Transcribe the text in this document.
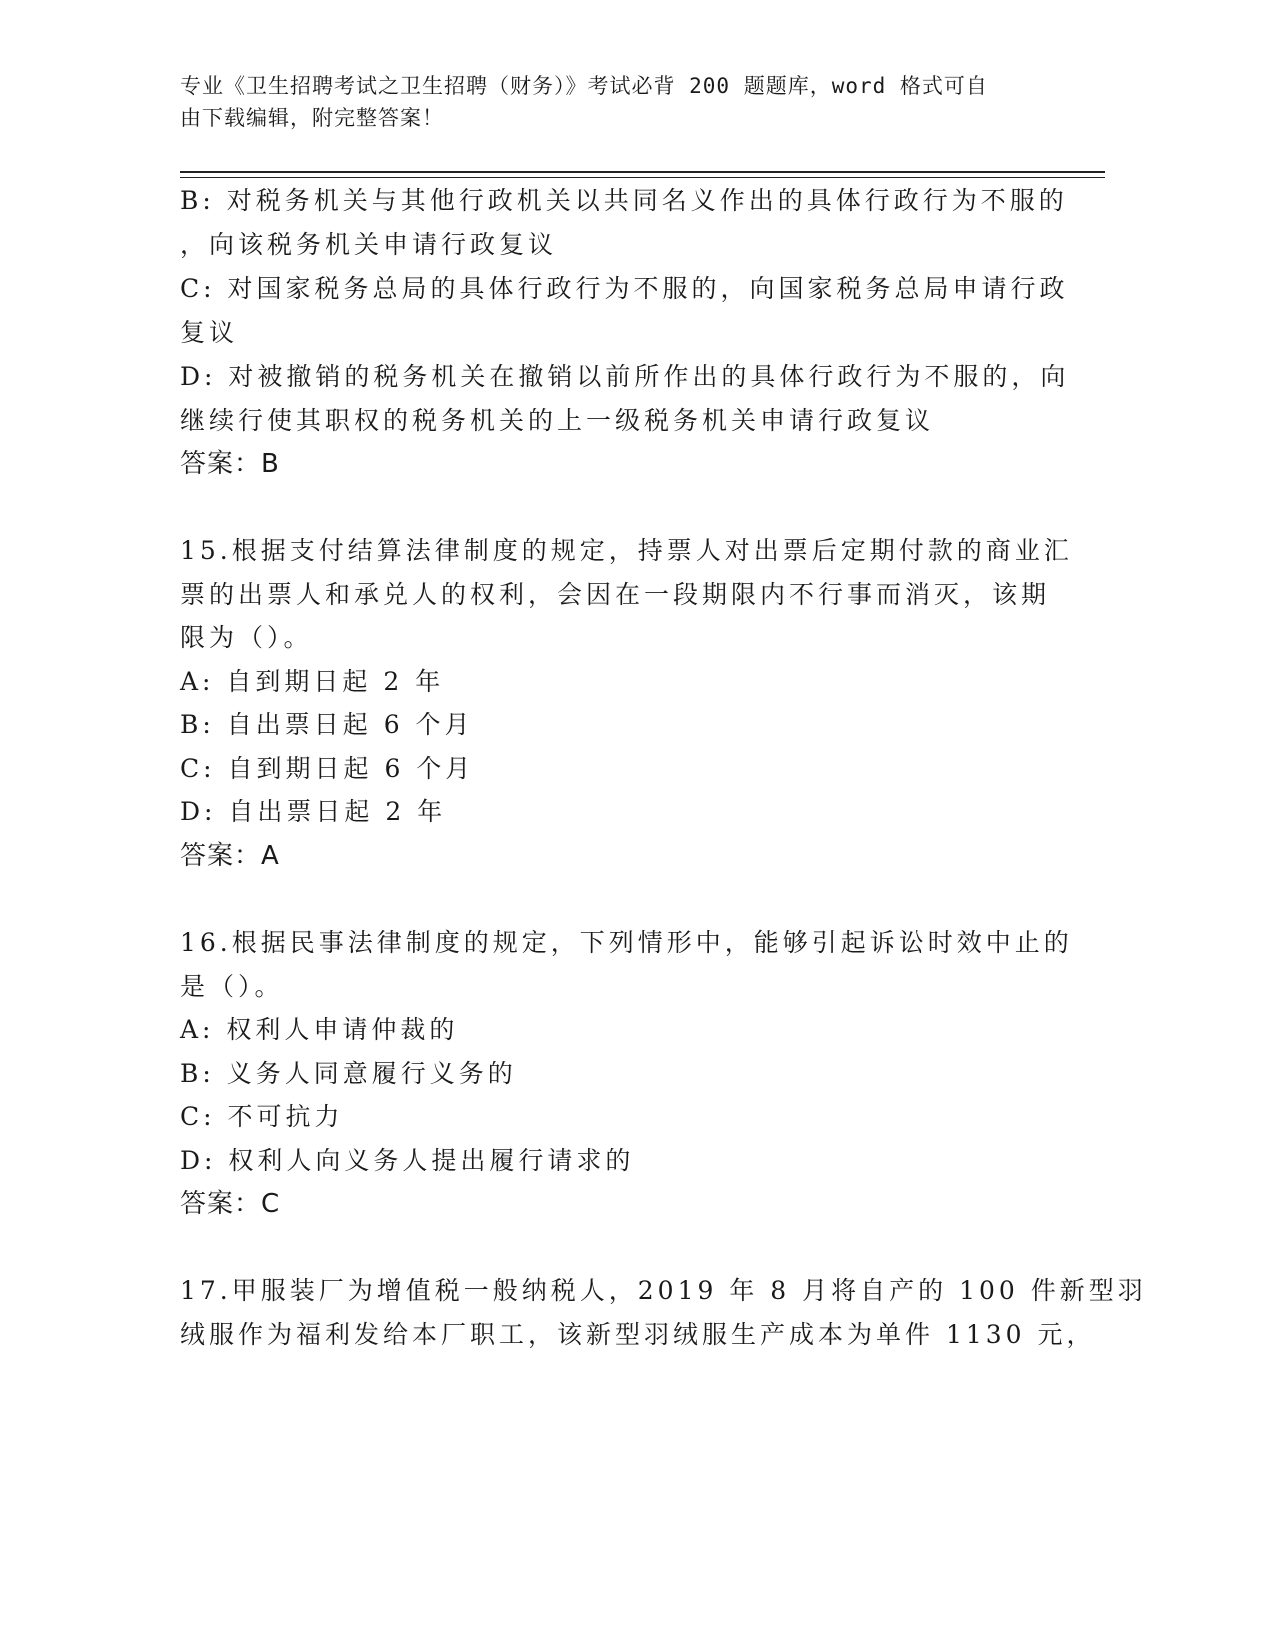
专业《卫生招聘考试之卫生招聘（财务）》考试必背 200 题题库，word 格式可自
由下载编辑，附完整答案！
B: 对税务机关与其他行政机关以共同名义作出的具体行政行为不服的
，向该税务机关申请行政复议
C: 对国家税务总局的具体行政行为不服的，向国家税务总局申请行政
复议
D: 对被撤销的税务机关在撤销以前所作出的具体行政行为不服的，向
继续行使其职权的税务机关的上一级税务机关申请行政复议
答案：B
15.根据支付结算法律制度的规定，持票人对出票后定期付款的商业汇
票的出票人和承兑人的权利，会因在一段期限内不行事而消灭，该期
限为（）。
A: 自到期日起 2 年
B: 自出票日起 6 个月
C: 自到期日起 6 个月
D: 自出票日起 2 年
答案：A
16.根据民事法律制度的规定，下列情形中，能够引起诉讼时效中止的
是（）。
A: 权利人申请仲裁的
B: 义务人同意履行义务的
C: 不可抗力
D: 权利人向义务人提出履行请求的
答案：C
17.甲服装厂为增值税一般纳税人，2019 年 8 月将自产的 100 件新型羽
绒服作为福利发给本厂职工，该新型羽绒服生产成本为单件 1130 元，
